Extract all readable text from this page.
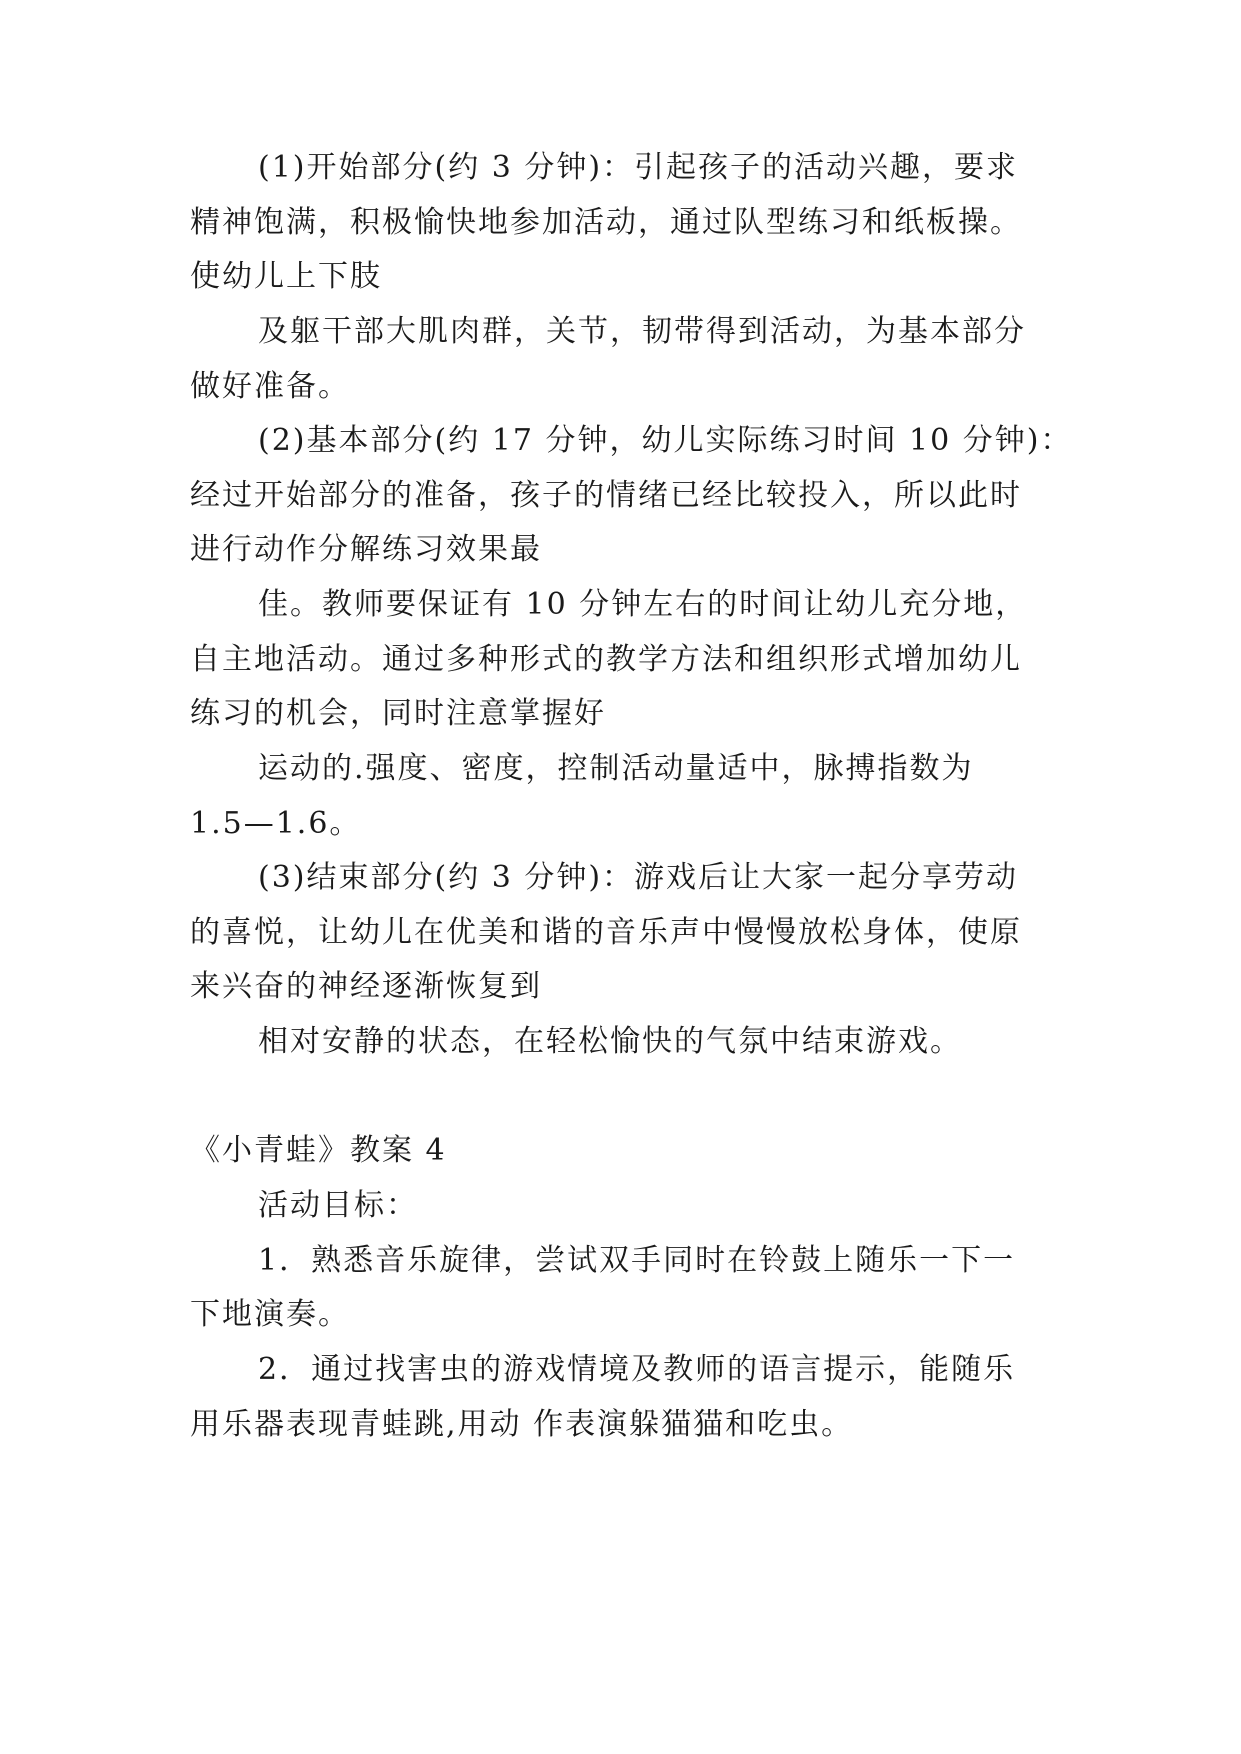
(1)开始部分(约 3 分钟)：引起孩子的活动兴趣，要求
精神饱满，积极愉快地参加活动，通过队型练习和纸板操。
使幼儿上下肢
及躯干部大肌肉群，关节，韧带得到活动，为基本部分
做好准备。
(2)基本部分(约 17 分钟，幼儿实际练习时间 10 分钟)：
经过开始部分的准备，孩子的情绪已经比较投入，所以此时
进行动作分解练习效果最
佳。教师要保证有 10 分钟左右的时间让幼儿充分地，
自主地活动。通过多种形式的教学方法和组织形式增加幼儿
练习的机会，同时注意掌握好
运动的.强度、密度，控制活动量适中，脉搏指数为
1.5—1.6。
(3)结束部分(约 3 分钟)：游戏后让大家一起分享劳动
的喜悦，让幼儿在优美和谐的音乐声中慢慢放松身体，使原
来兴奋的神经逐渐恢复到
相对安静的状态，在轻松愉快的气氛中结束游戏。
《小青蛙》教案 4
活动目标：
1．熟悉音乐旋律，尝试双手同时在铃鼓上随乐一下一
下地演奏。
2．通过找害虫的游戏情境及教师的语言提示，能随乐
用乐器表现青蛙跳,用动 作表演躲猫猫和吃虫。
